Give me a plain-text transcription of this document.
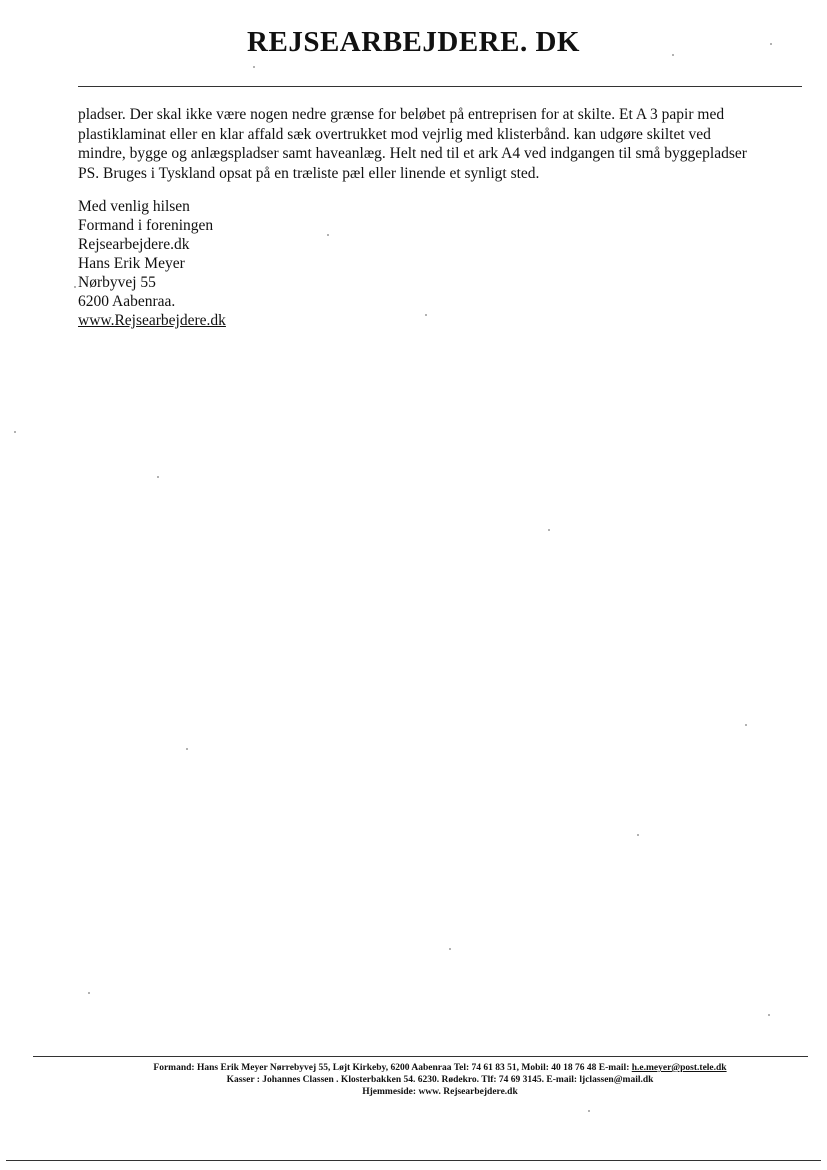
REJSEARBEJDERE. DK

pladser. Der skal ikke være nogen nedre grænse for beløbet på entreprisen for at skilte. Et A 3 papir med
plastiklaminat eller en klar affald sæk overtrukket mod vejrlig med klisterbånd. kan udgøre skiltet ved
mindre, bygge og anlægspladser samt haveanlæg. Helt ned til et ark A4 ved indgangen til små byggepladser
PS. Bruges i Tyskland opsat på en træliste pæl eller linende et synligt sted.

Med venlig hilsen
Formand i foreningen
Rejsearbejdere.dk
Hans Erik Meyer
Nørbyvej 55
6200 Aabenraa.
www.Rejsearbejdere.dk
Formand: Hans Erik Meyer Nørrebyvej 55, Løjt Kirkeby, 6200 Aabenraa Tel: 74 61 83 51, Mobil: 40 18 76 48 E-mail: h.e.meyer@post.tele.dk
Kasser : Johannes Classen . Klosterbakken 54. 6230. Rødekro. Tlf: 74 69 3145. E-mail: ljclassen@mail.dk
Hjemmeside: www. Rejsearbejdere.dk
